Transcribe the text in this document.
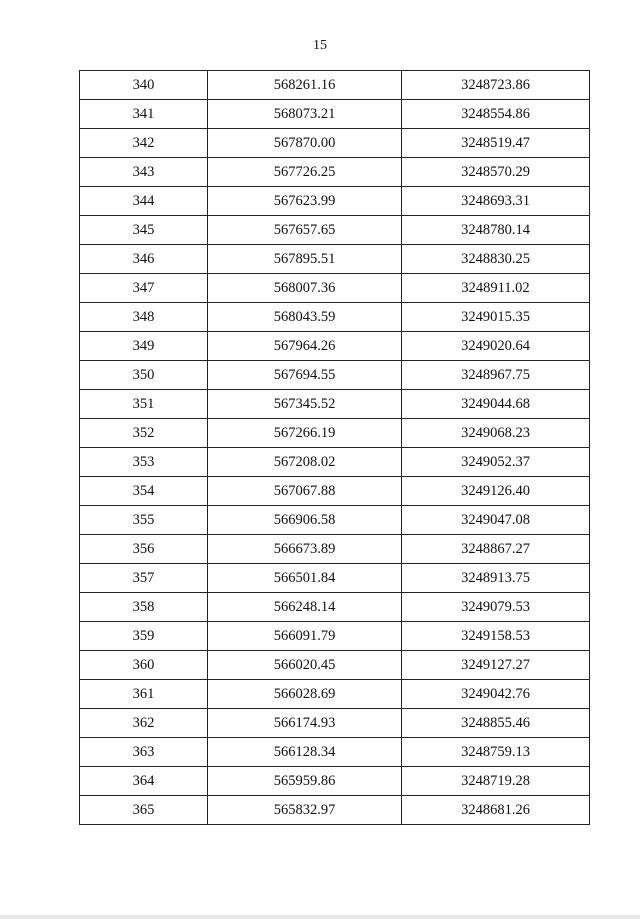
15
340	568261.16	3248723.86
341	568073.21	3248554.86
342	567870.00	3248519.47
343	567726.25	3248570.29
344	567623.99	3248693.31
345	567657.65	3248780.14
346	567895.51	3248830.25
347	568007.36	3248911.02
348	568043.59	3249015.35
349	567964.26	3249020.64
350	567694.55	3248967.75
351	567345.52	3249044.68
352	567266.19	3249068.23
353	567208.02	3249052.37
354	567067.88	3249126.40
355	566906.58	3249047.08
356	566673.89	3248867.27
357	566501.84	3248913.75
358	566248.14	3249079.53
359	566091.79	3249158.53
360	566020.45	3249127.27
361	566028.69	3249042.76
362	566174.93	3248855.46
363	566128.34	3248759.13
364	565959.86	3248719.28
365	565832.97	3248681.26
